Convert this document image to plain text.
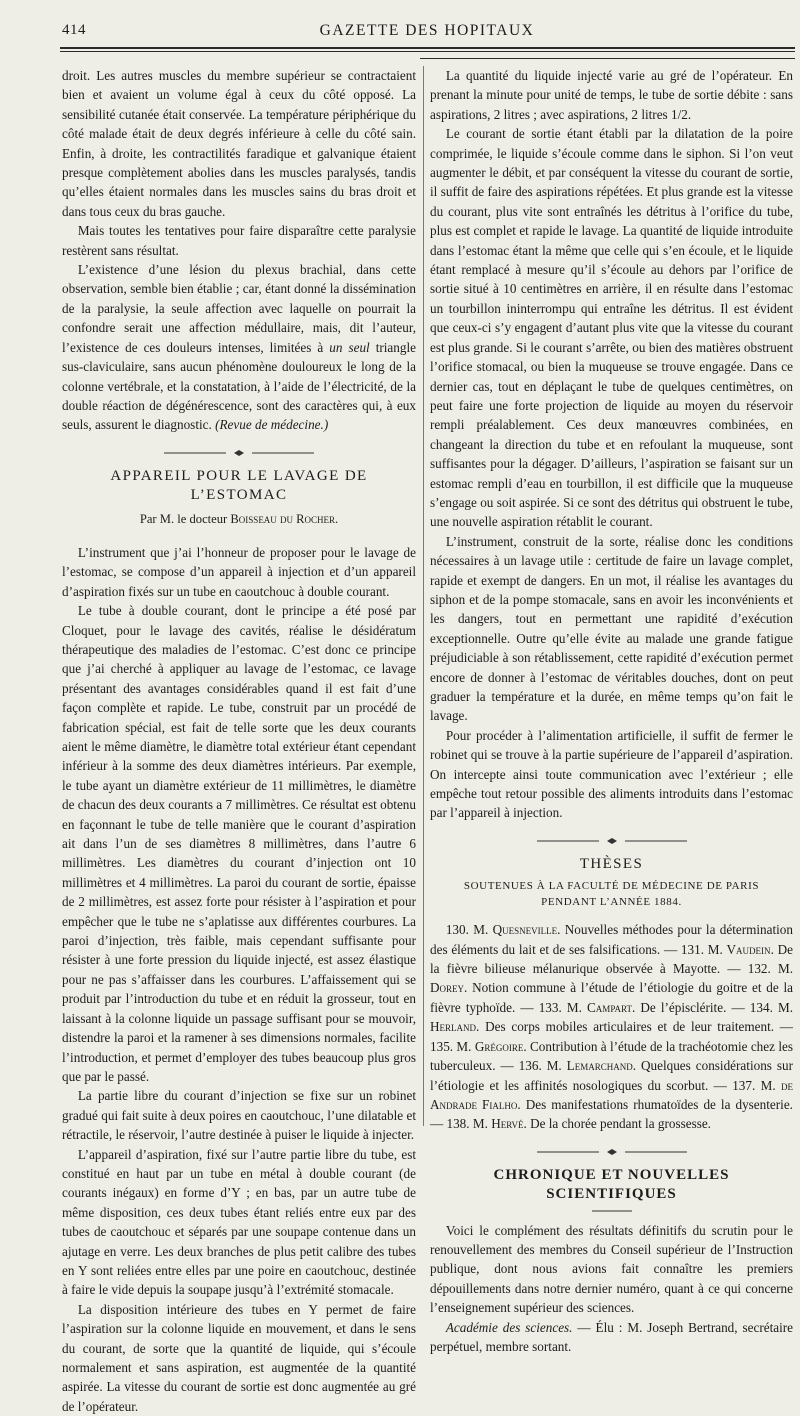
414	GAZETTE DES HOPITAUX

droit. Les autres muscles du membre supérieur se contractaient bien et avaient un volume égal à ceux du côté opposé. La sensibilité cutanée était conservée. La température périphérique du côté malade était de deux degrés inférieure à celle du côté sain. Enfin, à droite, les contractilités faradique et galvanique étaient presque complètement abolies dans les muscles paralysés, tandis qu’elles étaient normales dans les muscles sains du bras droit et dans tous ceux du bras gauche.

Mais toutes les tentatives pour faire disparaître cette paralysie restèrent sans résultat.

L’existence d’une lésion du plexus brachial, dans cette observation, semble bien établie ; car, étant donné la dissémination de la paralysie, la seule affection avec laquelle on pourrait la confondre serait une affection médullaire, mais, dit l’auteur, l’existence de ces douleurs intenses, limitées à un seul triangle sus-claviculaire, sans aucun phénomène douloureux le long de la colonne vertébrale, et la constatation, à l’aide de l’électricité, de la double réaction de dégénérescence, sont des caractères qui, à eux seuls, assurent le diagnostic. (Revue de médecine.)

APPAREIL POUR LE LAVAGE DE L’ESTOMAC
Par M. le docteur Boisseau du Rocher.

L’instrument que j’ai l’honneur de proposer pour le lavage de l’estomac, se compose d’un appareil à injection et d’un appareil d’aspiration fixés sur un tube en caoutchouc à double courant.

Le tube à double courant, dont le principe a été posé par Cloquet, pour le lavage des cavités, réalise le désidératum thérapeutique des maladies de l’estomac. C’est donc ce principe que j’ai cherché à appliquer au lavage de l’estomac, ce lavage présentant des avantages considérables quand il est fait d’une façon complète et rapide. Le tube, construit par un procédé de fabrication spécial, est fait de telle sorte que les deux courants aient le même diamètre, le diamètre total extérieur étant cependant inférieur à la somme des deux diamètres intérieurs. Par exemple, le tube ayant un diamètre extérieur de 11 millimètres, le diamètre de chacun des deux courants a 7 millimètres. Ce résultat est obtenu en façonnant le tube de telle manière que le courant d’aspiration ait dans l’un de ses diamètres 8 millimètres, dans l’autre 6 millimètres. Les diamètres du courant d’injection ont 10 millimètres et 4 millimètres. La paroi du courant de sortie, épaisse de 2 millimètres, est assez forte pour résister à l’aspiration et pour empêcher que le tube ne s’aplatisse aux différentes courbures. La paroi d’injection, très faible, mais cependant suffisante pour résister à une forte pression du liquide injecté, est assez élastique pour ne pas s’affaisser dans les courbures. L’affaissement qui se produit par l’introduction du tube et en réduit la grosseur, tout en laissant à la colonne liquide un passage suffisant pour se mouvoir, distendre la paroi et la ramener à ses dimensions normales, facilite l’introduction, et permet d’employer des tubes beaucoup plus gros que par le passé.

La partie libre du courant d’injection se fixe sur un robinet gradué qui fait suite à deux poires en caoutchouc, l’une dilatable et rétractile, le réservoir, l’autre destinée à puiser le liquide à injecter.

L’appareil d’aspiration, fixé sur l’autre partie libre du tube, est constitué en haut par un tube en métal à double courant (de courants inégaux) en forme d’Y ; en bas, par un autre tube de même disposition, ces deux tubes étant reliés entre eux par des tubes de caoutchouc et séparés par une soupape contenue dans un ajutage en verre. Les deux branches de plus petit calibre des tubes en Y sont reliées entre elles par une poire en caoutchouc, destinée à faire le vide depuis la soupape jusqu’à l’extrémité stomacale.

La disposition intérieure des tubes en Y permet de faire l’aspiration sur la colonne liquide en mouvement, et dans le sens du courant, de sorte que la quantité de liquide, qui s’écoule normalement et sans aspiration, est augmentée de la quantité aspirée. La vitesse du courant de sortie est donc augmentée au gré de l’opérateur.

La quantité du liquide injecté varie au gré de l’opérateur. En prenant la minute pour unité de temps, le tube de sortie débite : sans aspirations, 2 litres ; avec aspirations, 2 litres 1/2.

Le courant de sortie étant établi par la dilatation de la poire comprimée, le liquide s’écoule comme dans le siphon. Si l’on veut augmenter le débit, et par conséquent la vitesse du courant de sortie, il suffit de faire des aspirations répétées. Et plus grande est la vitesse du courant, plus vite sont entraînés les détritus à l’orifice du tube, plus est complet et rapide le lavage. La quantité de liquide introduite dans l’estomac étant la même que celle qui s’en écoule, et le liquide étant remplacé à mesure qu’il s’écoule au dehors par l’orifice de sortie situé à 10 centimètres en arrière, il en résulte dans l’estomac un tourbillon ininterrompu qui entraîne les détritus. Il est évident que ceux-ci s’y engagent d’autant plus vite que la vitesse du courant est plus grande. Si le courant s’arrête, ou bien des matières obstruent l’orifice stomacal, ou bien la muqueuse se trouve engagée. Dans ce dernier cas, tout en déplaçant le tube de quelques centimètres, on peut faire une forte projection de liquide au moyen du réservoir rempli préalablement. Ces deux manœuvres combinées, en changeant la direction du tube et en refoulant la muqueuse, sont suffisantes pour la dégager. D’ailleurs, l’aspiration se faisant sur un estomac rempli d’eau en tourbillon, il est difficile que la muqueuse s’engage ou soit aspirée. Si ce sont des détritus qui obstruent le tube, une nouvelle aspiration rétablit le courant.

L’instrument, construit de la sorte, réalise donc les conditions nécessaires à un lavage utile : certitude de faire un lavage complet, rapide et exempt de dangers. En un mot, il réalise les avantages du siphon et de la pompe stomacale, sans en avoir les inconvénients et les dangers, tout en permettant une rapidité d’exécution exceptionnelle. Outre qu’elle évite au malade une grande fatigue préjudiciable à son rétablissement, cette rapidité d’exécution permet encore de donner à l’estomac de véritables douches, dont on peut graduer la température et la durée, en même temps qu’on fait le lavage.

Pour procéder à l’alimentation artificielle, il suffit de fermer le robinet qui se trouve à la partie supérieure de l’appareil d’aspiration. On intercepte ainsi toute communication avec l’extérieur ; elle empêche tout retour possible des aliments introduits dans l’estomac par l’appareil à injection.

THÈSES
SOUTENUES À LA FACULTÉ DE MÉDECINE DE PARIS
PENDANT L’ANNÉE 1884.

130. M. Quesneville. Nouvelles méthodes pour la détermination des éléments du lait et de ses falsifications. — 131. M. Vaudein. De la fièvre bilieuse mélanurique observée à Mayotte. — 132. M. Dorey. Notion commune à l’étude de l’étiologie du goitre et de la fièvre typhoïde. — 133. M. Campart. De l’épisclérite. — 134. M. Herland. Des corps mobiles articulaires et de leur traitement. — 135. M. Grégoire. Contribution à l’étude de la trachéotomie chez les tuberculeux. — 136. M. Lemarchand. Quelques considérations sur l’étiologie et les affinités nosologiques du scorbut. — 137. M. de Andrade Fialho. Des manifestations rhumatoïdes de la dysenterie. — 138. M. Hervé. De la chorée pendant la grossesse.

CHRONIQUE ET NOUVELLES SCIENTIFIQUES

Voici le complément des résultats définitifs du scrutin pour le renouvellement des membres du Conseil supérieur de l’Instruction publique, dont nous avions fait connaître les premiers dépouillements dans notre dernier numéro, quant à ce qui concerne l’enseignement supérieur des sciences.

Académie des sciences. — Élu : M. Joseph Bertrand, secrétaire perpétuel, membre sortant.
